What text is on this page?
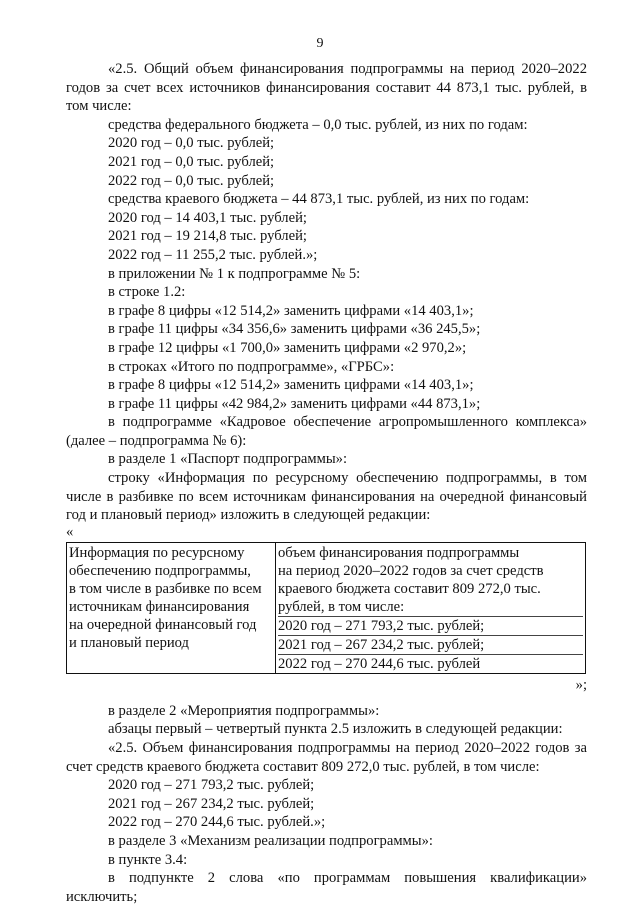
9

«2.5. Общий объем финансирования подпрограммы на период 2020–2022 годов за счет всех источников финансирования составит 44 873,1 тыс. рублей, в том числе:

средства федерального бюджета – 0,0 тыс. рублей, из них по годам:

2020 год – 0,0 тыс. рублей;

2021 год – 0,0 тыс. рублей;

2022 год – 0,0 тыс. рублей;

средства краевого бюджета – 44 873,1 тыс. рублей, из них по годам:

2020 год – 14 403,1 тыс. рублей;

2021 год – 19 214,8 тыс. рублей;

2022 год – 11 255,2 тыс. рублей.»;

в приложении № 1 к подпрограмме № 5:

в строке 1.2:

в графе 8 цифры «12 514,2» заменить цифрами «14 403,1»;

в графе 11 цифры «34 356,6» заменить цифрами «36 245,5»;

в графе 12 цифры «1 700,0» заменить цифрами «2 970,2»;

в строках «Итого по подпрограмме», «ГРБС»:

в графе 8 цифры «12 514,2» заменить цифрами «14 403,1»;

в графе 11 цифры «42 984,2» заменить цифрами «44 873,1»;

в подпрограмме «Кадровое обеспечение агропромышленного комплекса» (далее – подпрограмма № 6):

в разделе 1 «Паспорт подпрограммы»:

строку «Информация по ресурсному обеспечению подпрограммы, в том числе в разбивке по всем источникам финансирования на очередной финансовый год и плановый период» изложить в следующей редакции:

«
Информация по ресурсному
обеспечению подпрограммы,
в том числе в разбивке по всем
источникам финансирования
на очередной финансовый год
и плановый период

объем финансирования подпрограммы
на период 2020–2022 годов за счет средств
краевого бюджета составит 809 272,0 тыс.
рублей, в том числе:
2020 год – 271 793,2 тыс. рублей;
2021 год – 267 234,2 тыс. рублей;
2022 год – 270 244,6 тыс. рублей
»;

в разделе 2 «Мероприятия подпрограммы»:

абзацы первый – четвертый пункта 2.5 изложить в следующей редакции:

«2.5. Объем финансирования подпрограммы на период 2020–2022 годов за счет средств краевого бюджета составит 809 272,0 тыс. рублей, в том числе:

2020 год – 271 793,2 тыс. рублей;

2021 год – 267 234,2 тыс. рублей;

2022 год – 270 244,6 тыс. рублей.»;

в разделе 3 «Механизм реализации подпрограммы»:

в пункте 3.4:

в подпункте 2 слова «по программам повышения квалификации» исключить;
